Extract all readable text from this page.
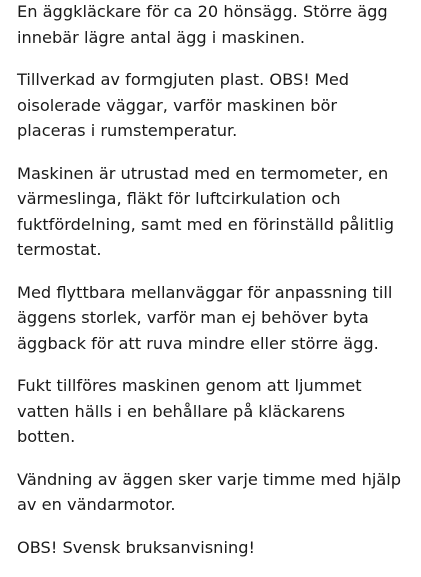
En äggkläckare för ca 20 hönsägg. Större ägg
innebär lägre antal ägg i maskinen.

Tillverkad av formgjuten plast. OBS! Med
oisolerade väggar, varför maskinen bör
placeras i rumstemperatur.

Maskinen är utrustad med en termometer, en
värmeslinga, fläkt för luftcirkulation och
fuktfördelning, samt med en förinställd pålitlig
termostat.

Med flyttbara mellanväggar för anpassning till
äggens storlek, varför man ej behöver byta
äggback för att ruva mindre eller större ägg.

Fukt tillföres maskinen genom att ljummet
vatten hälls i en behållare på kläckarens
botten.

Vändning av äggen sker varje timme med hjälp
av en vändarmotor.

OBS! Svensk bruksanvisning!
